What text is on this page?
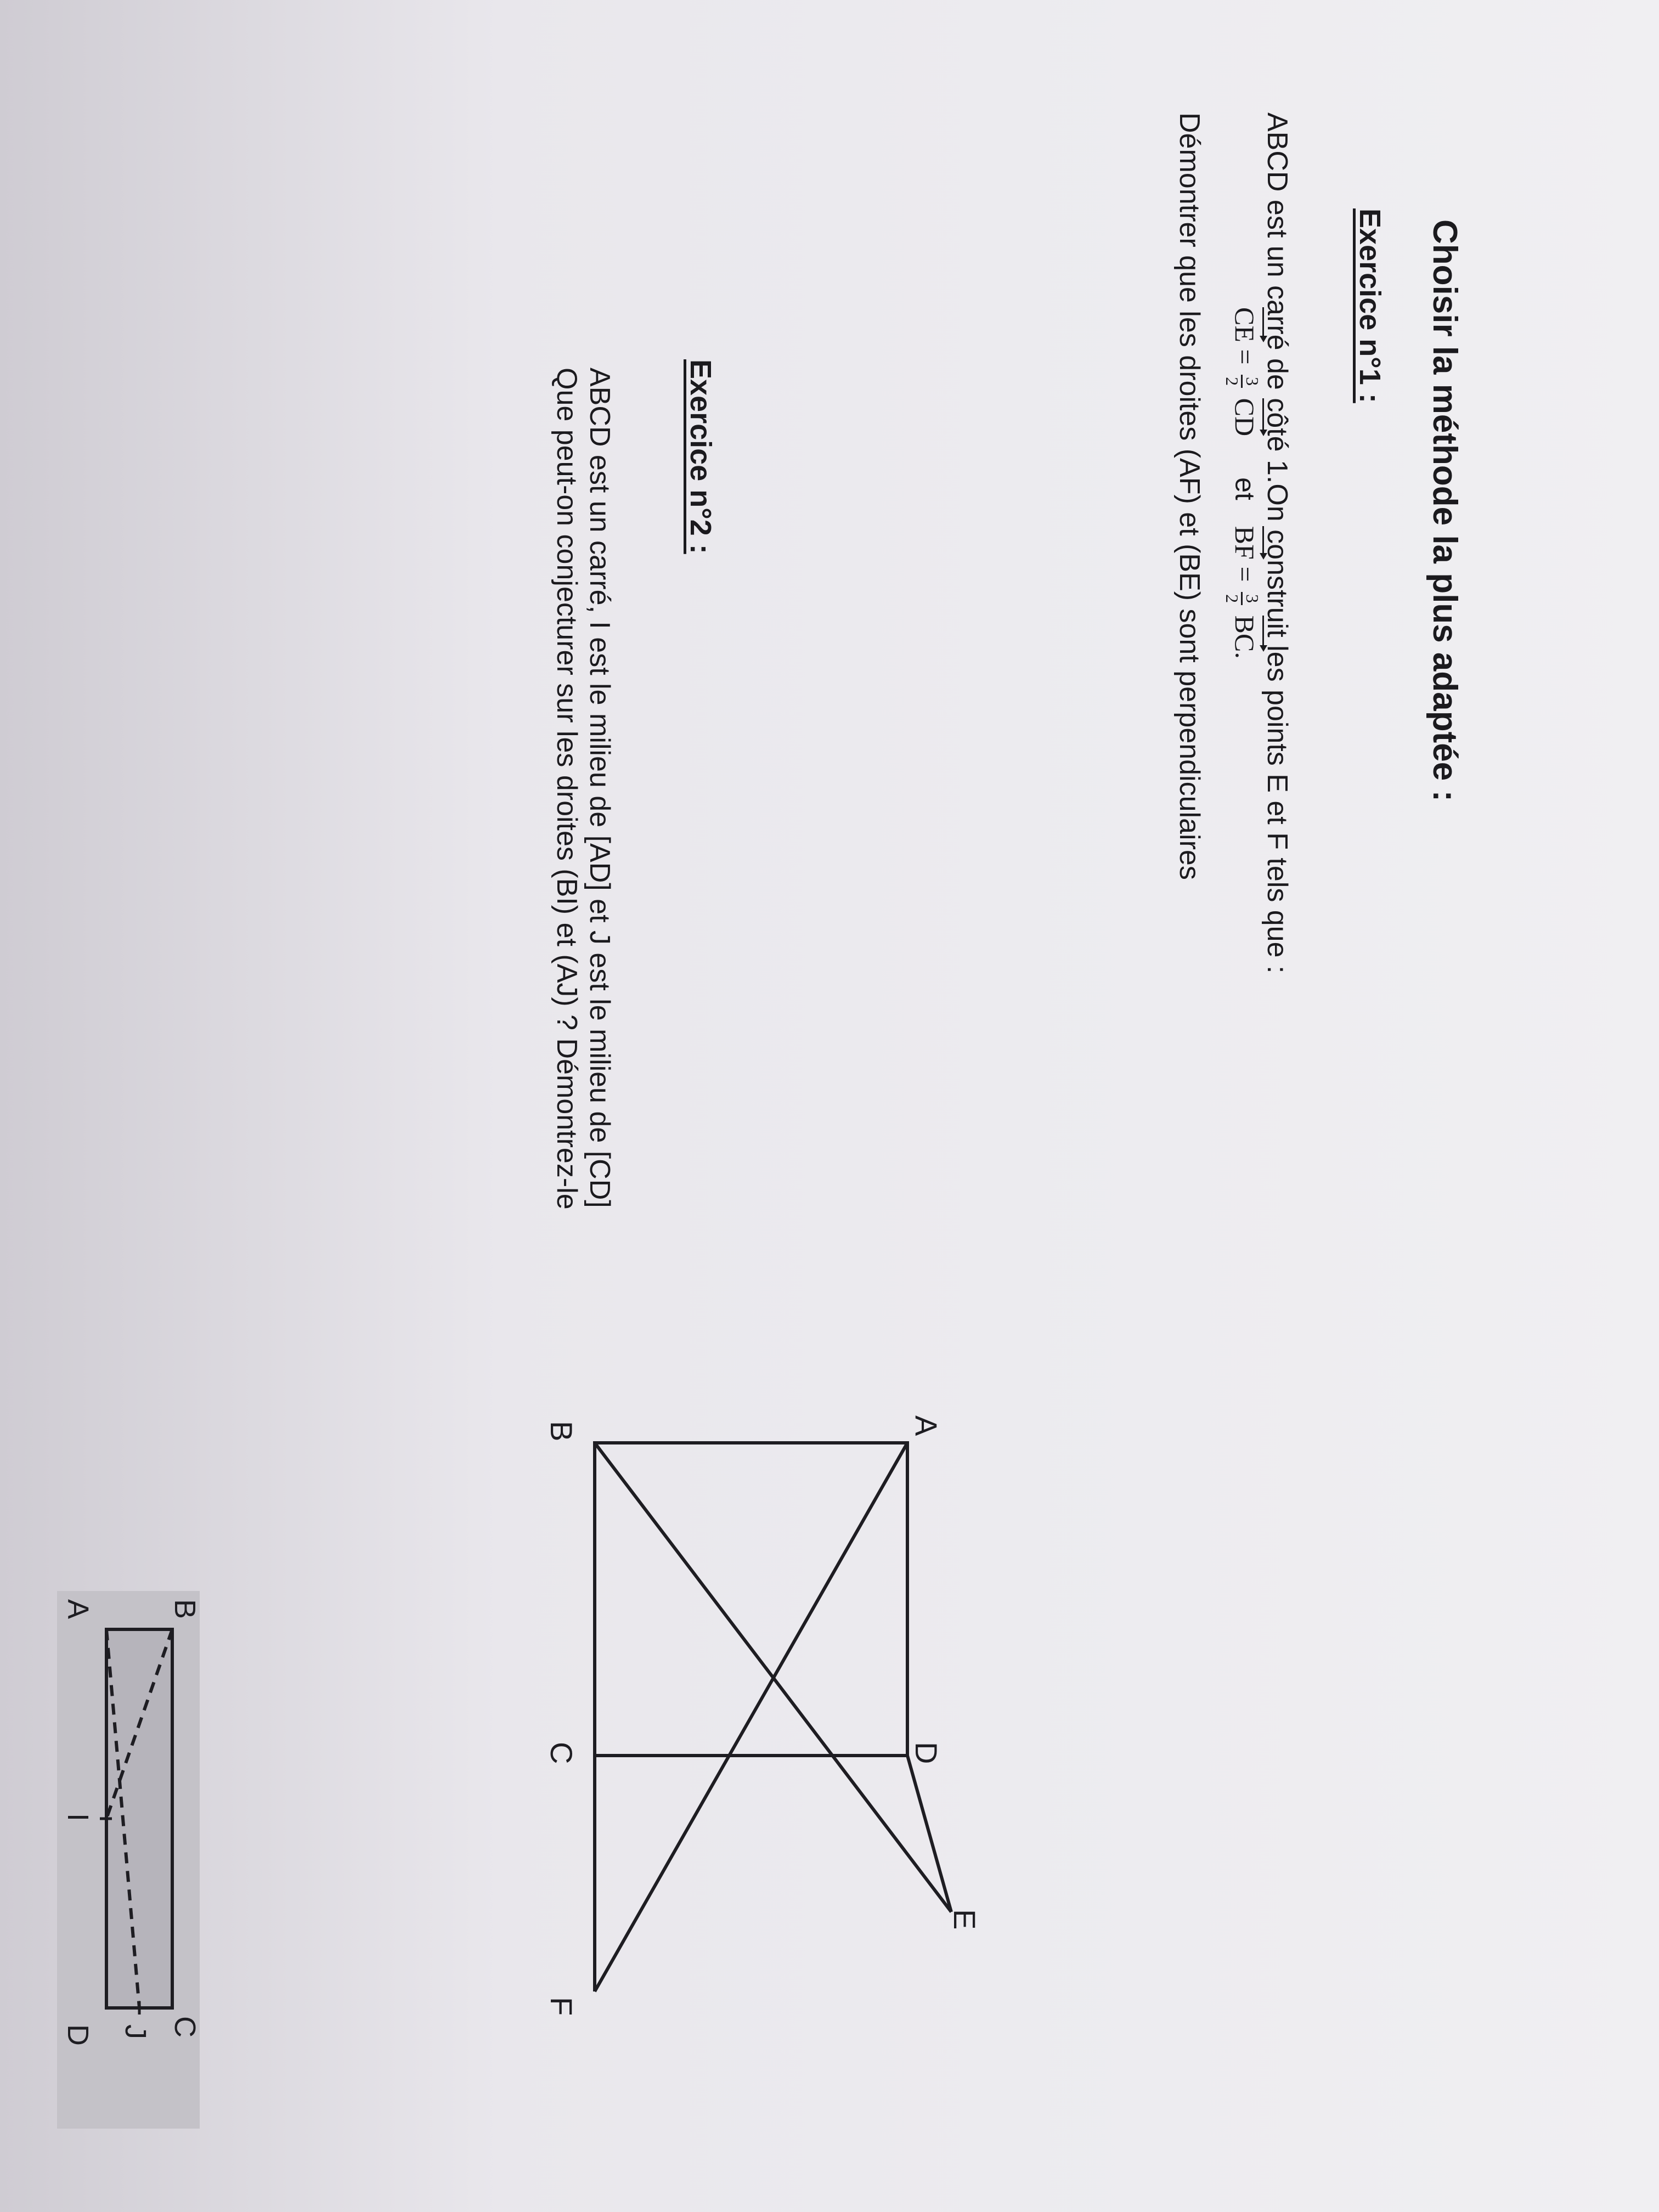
Choisir la méthode la plus adaptée :
Exercice n°1 :
ABCD est un carré de côté 1.On construit les points E et F tels que :
CE =
3
2
CD  et  BF =
3
2
BC.
Démontrer que les droites (AF) et (BE) sont perpendiculaires
A
B
C	D
E
F
Exercice n°2 :
ABCD est un carré, I est le milieu de [AD] et J est le milieu de [CD]
Que peut-on conjecturer sur les droites (BI) et (AJ) ? Démontrez-le
B
A
I
C
D J
